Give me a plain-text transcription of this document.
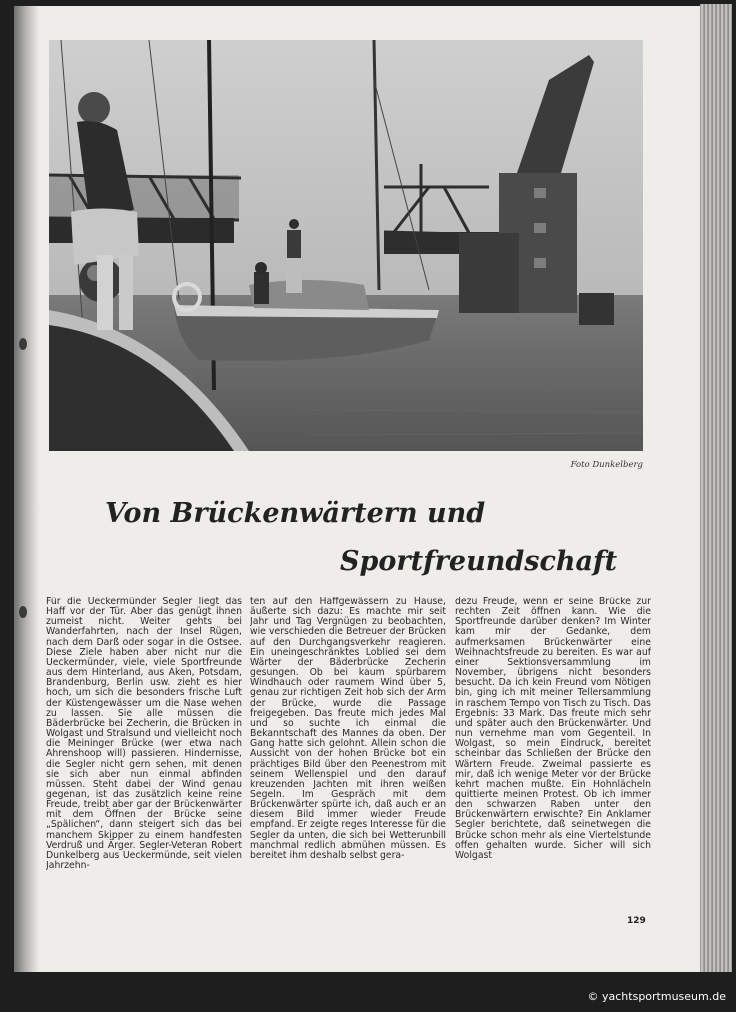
Foto Dunkelberg
Von Brückenwärtern und
Sportfreundschaft

Für die Ueckermünder Segler liegt das Haff vor der Tür. Aber das genügt ihnen zumeist nicht. Weiter gehts bei Wanderfahrten, nach der Insel Rügen, nach dem Darß oder sogar in die Ostsee. Diese Ziele haben aber nicht nur die Ueckermünder, viele, viele Sportfreunde aus dem Hinterland, aus Aken, Potsdam, Brandenburg, Berlin usw. zieht es hier hoch, um sich die besonders frische Luft der Küstengewässer um die Nase wehen zu lassen. Sie alle müssen die Bäderbrücke bei Zecherin, die Brücken in Wolgast und Stralsund und vielleicht noch die Meininger Brücke (wer etwa nach Ahrenshoop will) passieren. Hindernisse, die Segler nicht gern sehen, mit denen sie sich aber nun einmal abfinden müssen. Steht dabei der Wind genau gegenan, ist das zusätzlich keine reine Freude, treibt aber gar der Brückenwärter mit dem Öffnen der Brücke seine „Spälichen“, dann steigert sich das bei manchem Skipper zu einem handfesten Verdruß und Ärger. Segler-Veteran Robert Dunkelberg aus Ueckermünde, seit vielen Jahrzehn-

ten auf den Haffgewässern zu Hause, äußerte sich dazu: Es machte mir seit Jahr und Tag Vergnügen zu beobachten, wie verschieden die Betreuer der Brücken auf den Durchgangsverkehr reagieren. Ein uneingeschränktes Loblied sei dem Wärter der Bäderbrücke Zecherin gesungen. Ob bei kaum spürbarem Windhauch oder raumem Wind über 5, genau zur richtigen Zeit hob sich der Arm der Brücke, wurde die Passage freigegeben. Das freute mich jedes Mal und so suchte ich einmal die Bekanntschaft des Mannes da oben. Der Gang hatte sich gelohnt. Allein schon die Aussicht von der hohen Brücke bot ein prächtiges Bild über den Peenestrom mit seinem Wellenspiel und den darauf kreuzenden Jachten mit ihren weißen Segeln. Im Gespräch mit dem Brückenwärter spürte ich, daß auch er an diesem Bild immer wieder Freude empfand. Er zeigte reges Interesse für die Segler da unten, die sich bei Wetterunbill manchmal redlich abmühen müssen. Es bereitet ihm deshalb selbst gera-

dezu Freude, wenn er seine Brücke zur rechten Zeit öffnen kann. Wie die Sportfreunde darüber denken? Im Winter kam mir der Gedanke, dem aufmerksamen Brückenwärter eine Weihnachtsfreude zu bereiten. Es war auf einer Sektionsversammlung im November, übrigens nicht besonders besucht. Da ich kein Freund vom Nötigen bin, ging ich mit meiner Tellersammlung in raschem Tempo von Tisch zu Tisch. Das Ergebnis: 33 Mark. Das freute mich sehr und später auch den Brückenwärter. Und nun vernehme man vom Gegenteil. In Wolgast, so mein Eindruck, bereitet scheinbar das Schließen der Brücke den Wärtern Freude. Zweimal passierte es mir, daß ich wenige Meter vor der Brücke kehrt machen mußte. Ein Hohnlächeln quittierte meinen Protest. Ob ich immer den schwarzen Raben unter den Brückenwärtern erwischte? Ein Anklamer Segler berichtete, daß seinetwegen die Brücke schon mehr als eine Viertelstunde offen gehalten wurde. Sicher will sich Wolgast

129
© yachtsportmuseum.de
